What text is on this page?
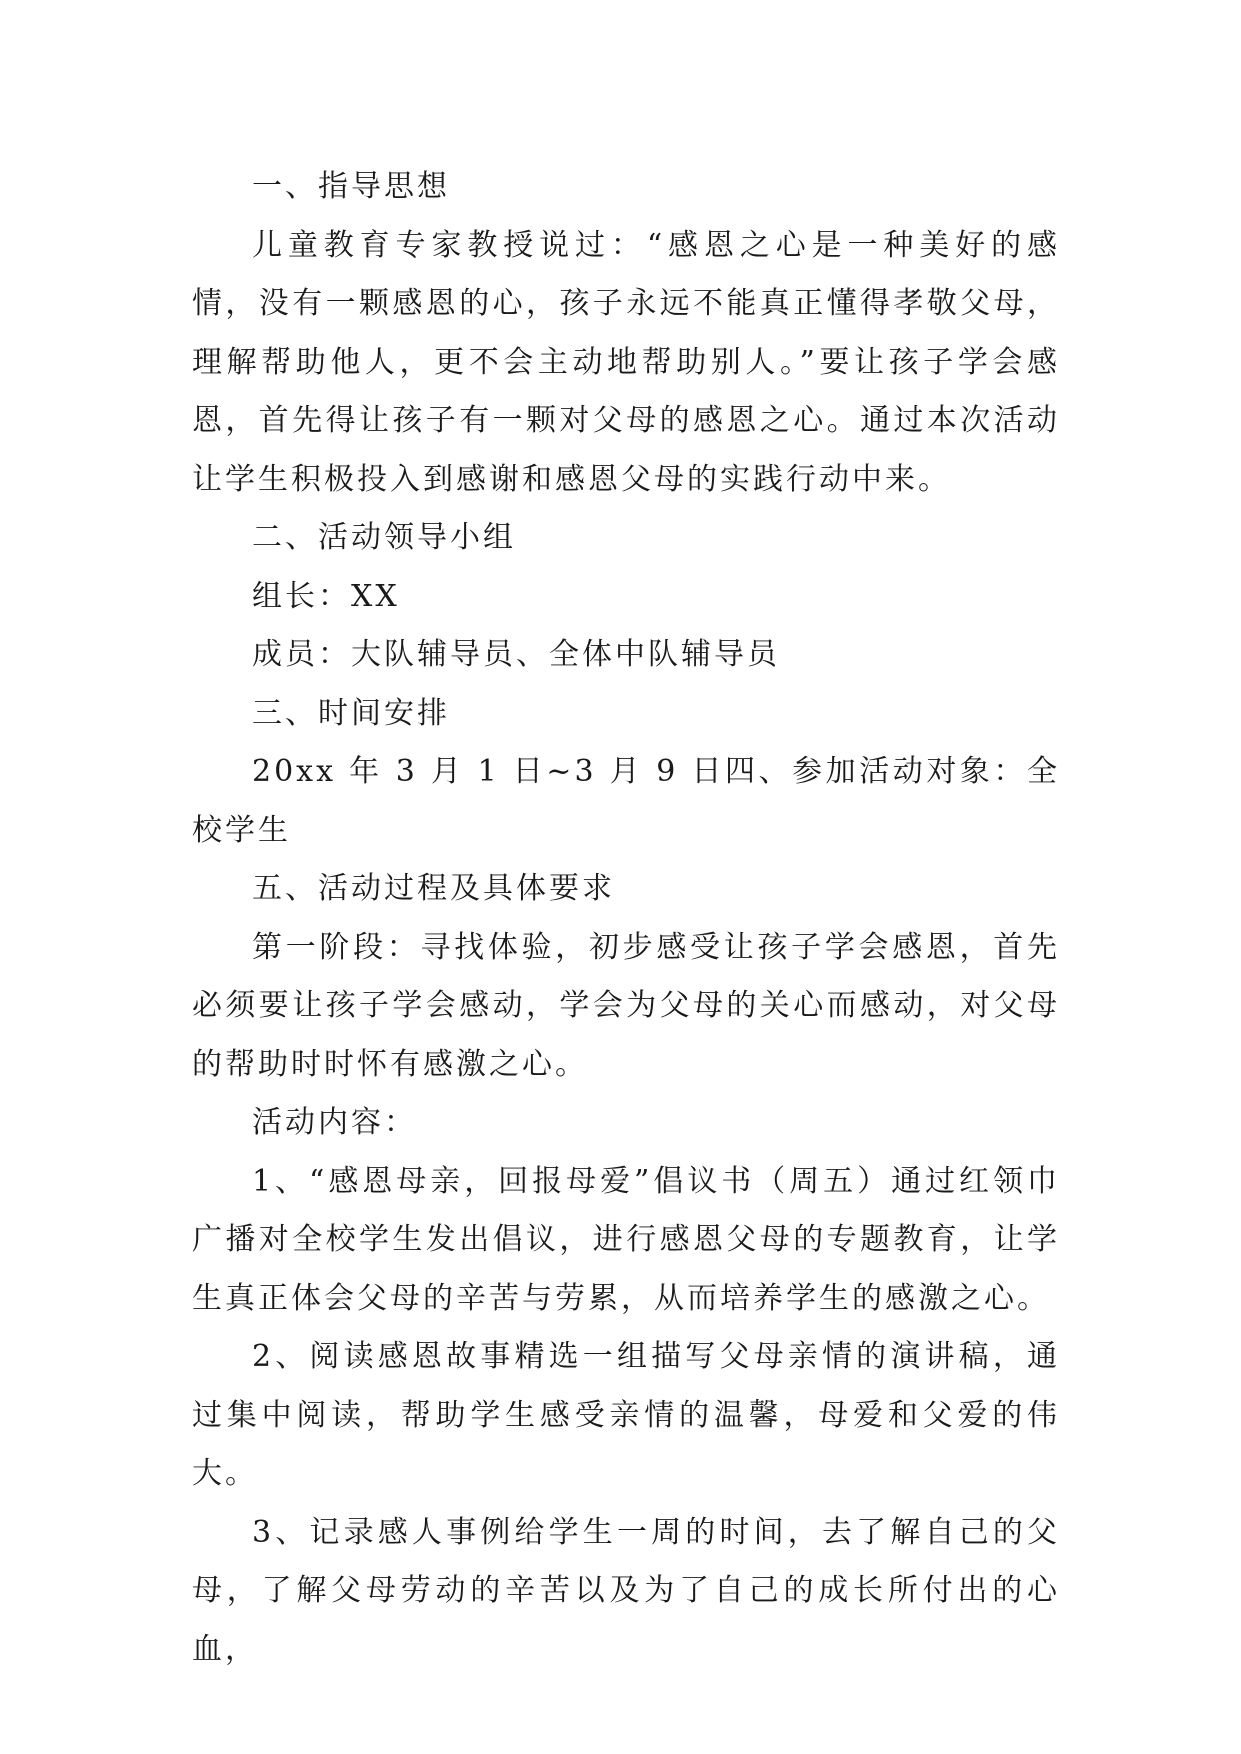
一、指导思想

儿童教育专家教授说过：“感恩之心是一种美好的感情，没有一颗感恩的心，孩子永远不能真正懂得孝敬父母，理解帮助他人，更不会主动地帮助别人。”要让孩子学会感恩，首先得让孩子有一颗对父母的感恩之心。通过本次活动让学生积极投入到感谢和感恩父母的实践行动中来。

二、活动领导小组

组长：XX

成员：大队辅导员、全体中队辅导员

三、时间安排

20xx 年 3 月 1 日~3 月 9 日四、参加活动对象：全校学生

五、活动过程及具体要求

第一阶段：寻找体验，初步感受让孩子学会感恩，首先必须要让孩子学会感动，学会为父母的关心而感动，对父母的帮助时时怀有感激之心。

活动内容：

1、“感恩母亲，回报母爱”倡议书（周五）通过红领巾广播对全校学生发出倡议，进行感恩父母的专题教育，让学生真正体会父母的辛苦与劳累，从而培养学生的感激之心。

2、阅读感恩故事精选一组描写父母亲情的演讲稿，通过集中阅读，帮助学生感受亲情的温馨，母爱和父爱的伟大。

3、记录感人事例给学生一周的时间，去了解自己的父母，了解父母劳动的辛苦以及为了自己的成长所付出的心血，
